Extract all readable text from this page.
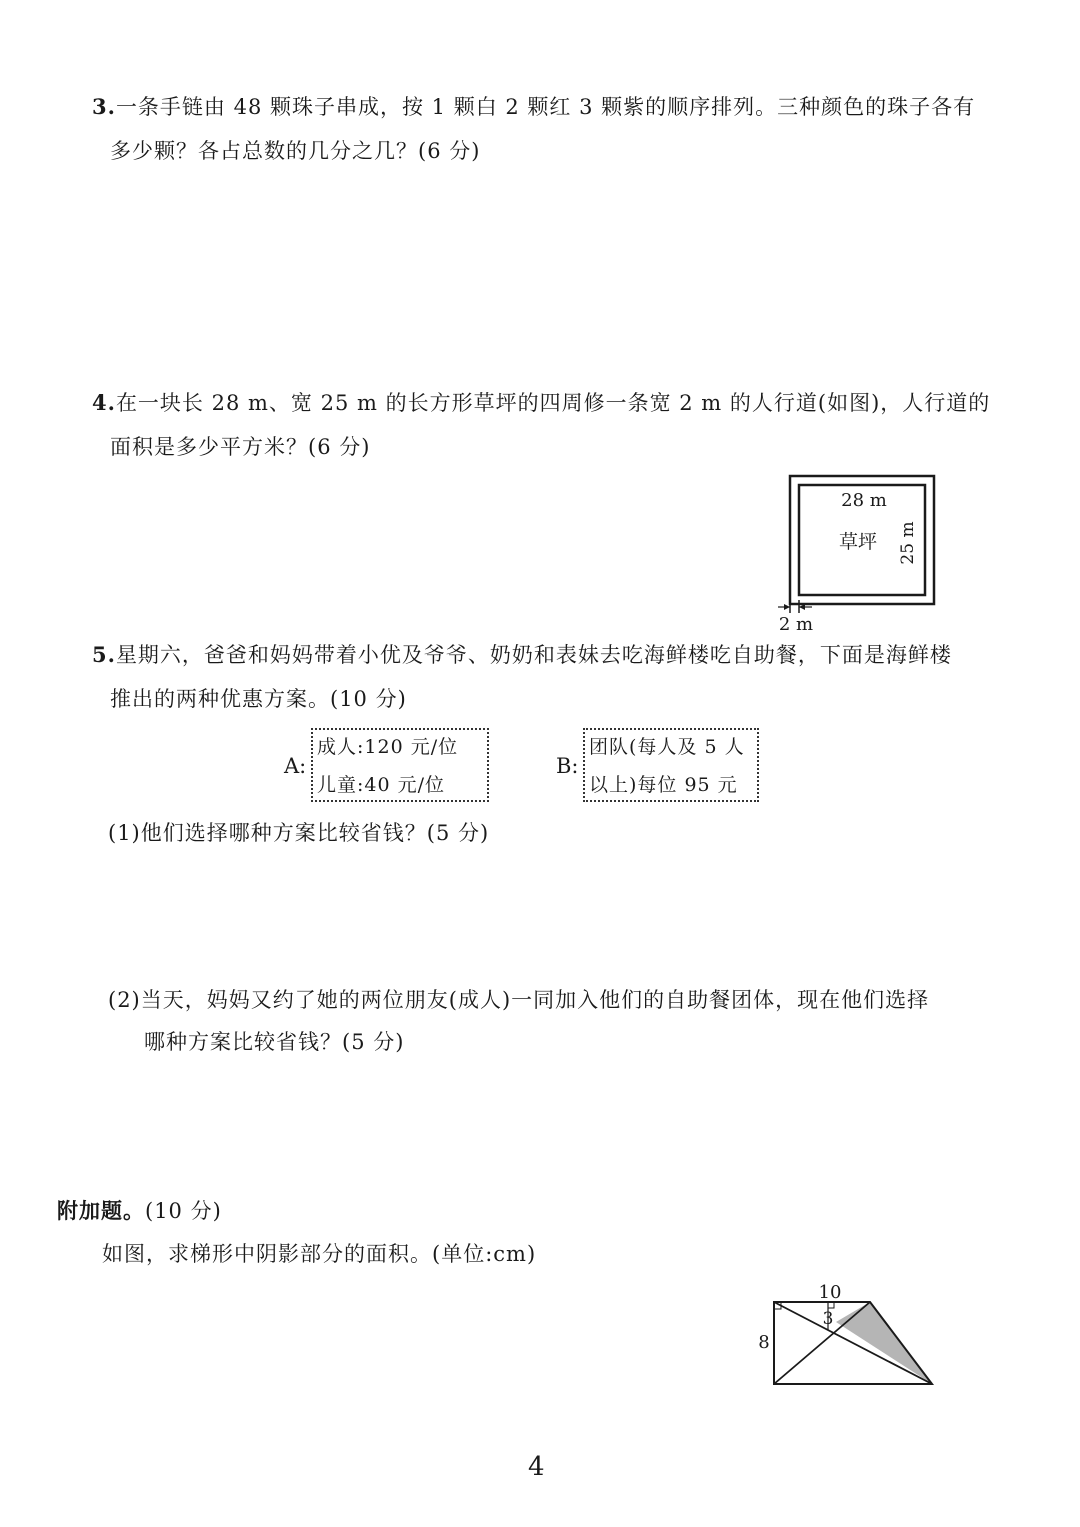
3.一条手链由 48 颗珠子串成，按 1 颗白 2 颗红 3 颗紫的顺序排列。三种颜色的珠子各有
多少颗？各占总数的几分之几？(6 分)
4.在一块长 28 m、宽 25 m 的长方形草坪的四周修一条宽 2 m 的人行道(如图)，人行道的
面积是多少平方米？(6 分)
28 m
草坪 25 m
2 m
5.星期六，爸爸和妈妈带着小优及爷爷、奶奶和表妹去吃海鲜楼吃自助餐，下面是海鲜楼
推出的两种优惠方案。(10 分)
A:
成人:120 元/位
儿童:40 元/位
B:
团队(每人及 5 人
以上)每位 95 元
(1)他们选择哪种方案比较省钱？(5 分)
(2)当天，妈妈又约了她的两位朋友(成人)一同加入他们的自助餐团体，现在他们选择
哪种方案比较省钱？(5 分)
附加题。(10 分)
如图，求梯形中阴影部分的面积。(单位:cm)
10
3
8
4
